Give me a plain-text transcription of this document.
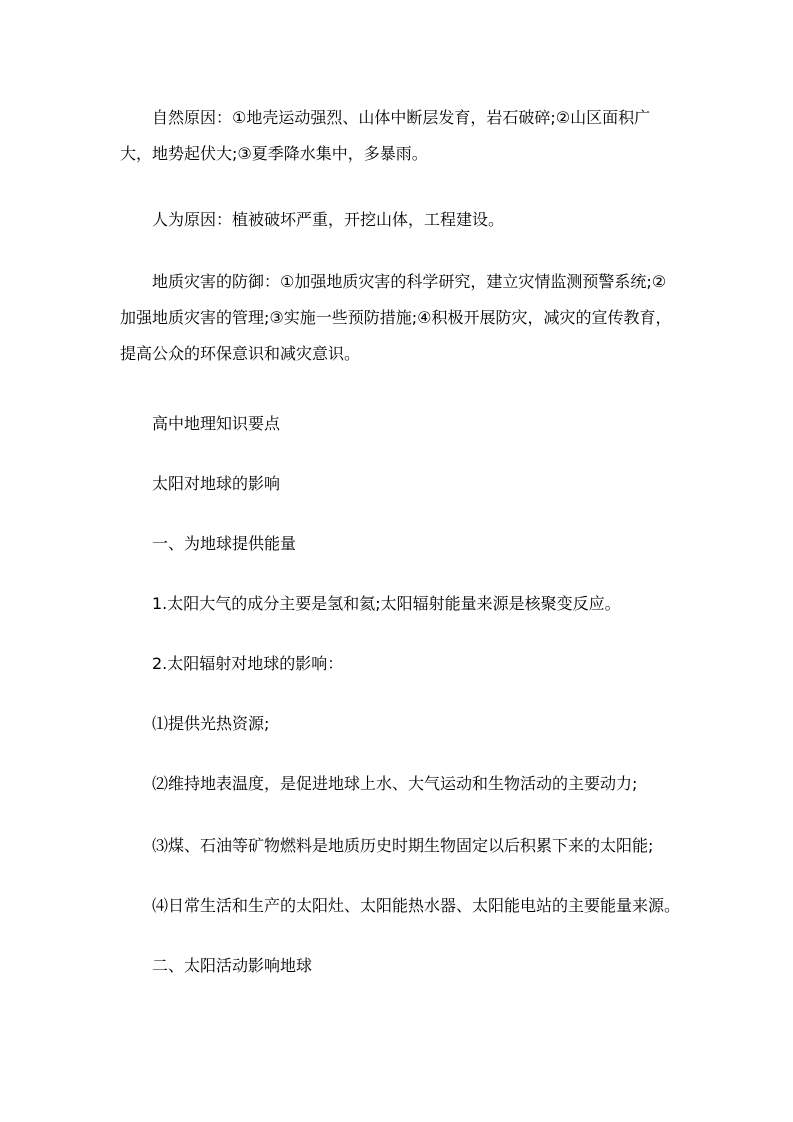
自然原因：①地壳运动强烈、山体中断层发育，岩石破碎;②山区面积广大，地势起伏大;③夏季降水集中，多暴雨。

人为原因：植被破坏严重，开挖山体，工程建设。

地质灾害的防御：①加强地质灾害的科学研究，建立灾情监测预警系统;②加强地质灾害的管理;③实施一些预防措施;④积极开展防灾，减灾的宣传教育，提高公众的环保意识和减灾意识。

高中地理知识要点

太阳对地球的影响

一、为地球提供能量

1.太阳大气的成分主要是氢和氦;太阳辐射能量来源是核聚变反应。

2.太阳辐射对地球的影响：

⑴提供光热资源;

⑵维持地表温度，是促进地球上水、大气运动和生物活动的主要动力;

⑶煤、石油等矿物燃料是地质历史时期生物固定以后积累下来的太阳能;

⑷日常生活和生产的太阳灶、太阳能热水器、太阳能电站的主要能量来源。

二、太阳活动影响地球
